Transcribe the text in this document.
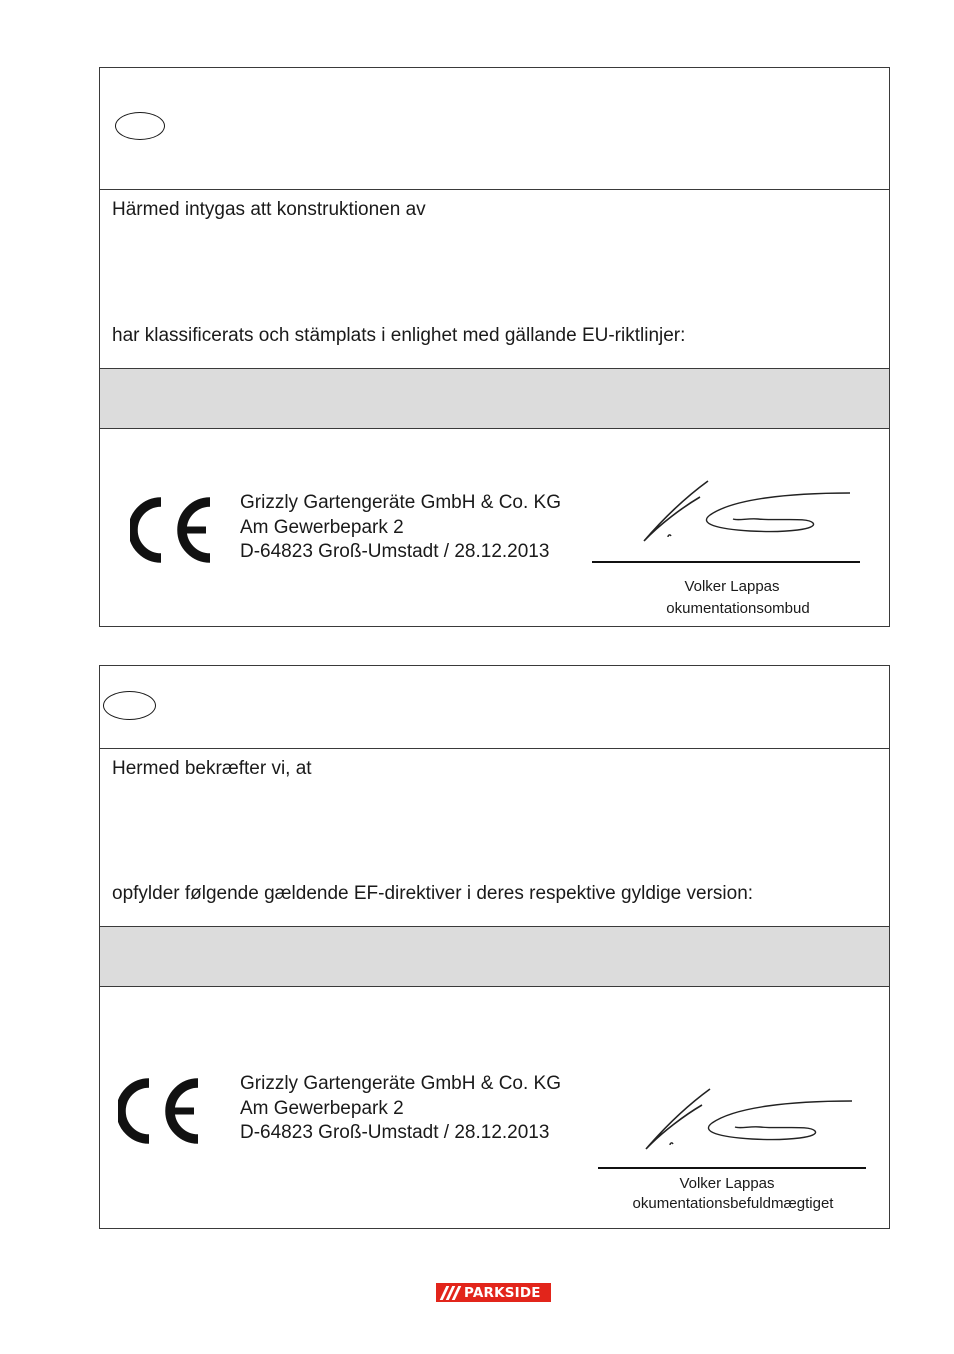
Härmed intygas att konstruktionen av
har klassificerats och stämplats i enlighet med gällande EU-riktlinjer:
Grizzly Gartengeräte GmbH & Co. KG
Am Gewerbepark 2
D-64823 Groß-Umstadt / 28.12.2013
Volker Lappas
okumentationsombud
Hermed bekræfter vi, at
opfylder følgende gældende EF-direktiver i deres respektive gyldige version:
Grizzly Gartengeräte GmbH & Co. KG
Am Gewerbepark 2
D-64823 Groß-Umstadt / 28.12.2013
Volker Lappas
okumentationsbefuldmægtiget
PARKSIDE
